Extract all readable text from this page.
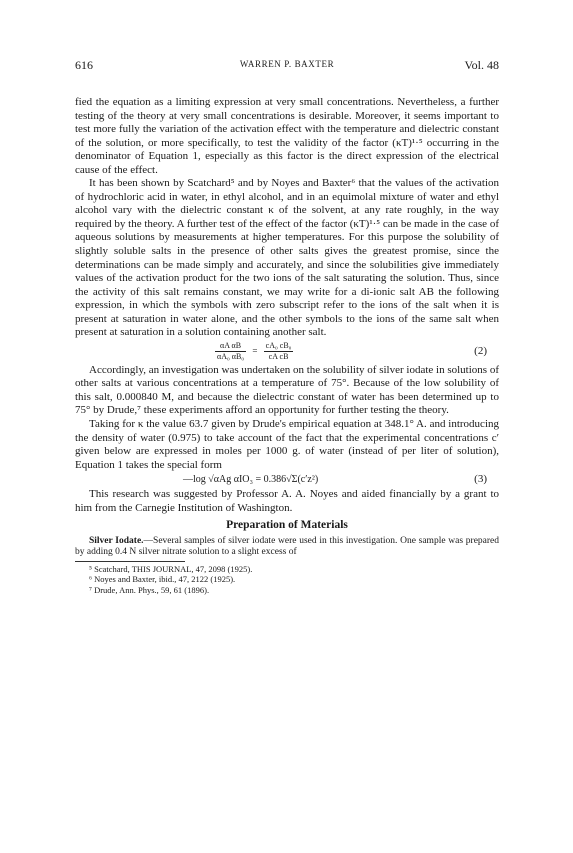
616	WARREN P. BAXTER	Vol. 48

fied the equation as a limiting expression at very small concentrations. Nevertheless, a further testing of the theory at very small concentrations is desirable. Moreover, it seems important to test more fully the variation of the activation effect with the temperature and dielectric constant of the solution, or more specifically, to test the validity of the factor (κT)¹·⁵ occurring in the denominator of Equation 1, especially as this factor is the direct expression of the electrical cause of the effect.

It has been shown by Scatchard⁵ and by Noyes and Baxter⁶ that the values of the activation of hydrochloric acid in water, in ethyl alcohol, and in an equimolal mixture of water and ethyl alcohol vary with the dielectric constant κ of the solvent, at any rate roughly, in the way required by the theory. A further test of the effect of the factor (κT)¹·⁵ can be made in the case of aqueous solutions by measurements at higher temperatures. For this purpose the solubility of slightly soluble salts in the presence of other salts gives the greatest promise, since the determinations can be made simply and accurately, and since the solubilities give immediately values of the activation product for the two ions of the salt saturating the solution. Thus, since the activity of this salt remains constant, we may write for a di-ionic salt AB the following expression, in which the symbols with zero subscript refer to the ions of the salt when it is present at saturation in water alone, and the other symbols to the ions of the same salt when present at saturation in a solution containing another salt.

$\frac{\text{αA αB}}{\text{αA₀ αB₀}} = \frac{\text{cA₀ cB₀}}{\text{cA cB}}$	(2)

Accordingly, an investigation was undertaken on the solubility of silver iodate in solutions of other salts at various concentrations at a temperature of 75°. Because of the low solubility of this salt, 0.000840 M, and because the dielectric constant of water has been determined up to 75° by Drude,⁷ these experiments afford an opportunity for further testing the theory.

Taking for κ the value 63.7 given by Drude's empirical equation at 348.1° A. and introducing the density of water (0.975) to take account of the fact that the experimental concentrations c′ given below are expressed in moles per 1000 g. of water (instead of per liter of solution), Equation 1 takes the special form

—log √αAg αIO₃ = 0.386√Σ(c′z²)	(3)

This research was suggested by Professor A. A. Noyes and aided financially by a grant to him from the Carnegie Institution of Washington.

Preparation of Materials

Silver Iodate.—Several samples of silver iodate were used in this investigation. One sample was prepared by adding 0.4 N silver nitrate solution to a slight excess of

⁵ Scatchard, THIS JOURNAL, 47, 2098 (1925).
⁶ Noyes and Baxter, ibid., 47, 2122 (1925).
⁷ Drude, Ann. Phys., 59, 61 (1896).
